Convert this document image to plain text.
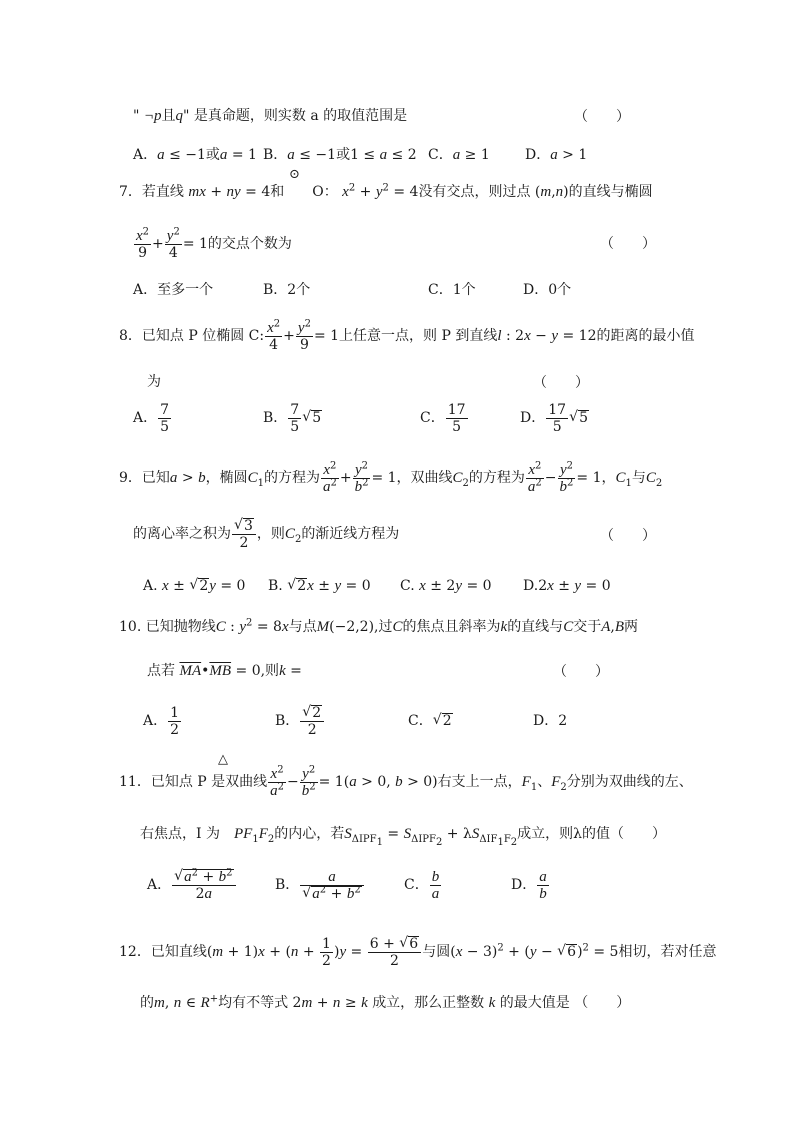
" ¬p且q" 是真命题，则实数 a 的取值范围是	（　　）
A．a ≤ −1或a = 1 B．a ≤ −1或1 ≤ a ≤ 2 C．a ≥ 1	D．a > 1
⊙
7．若直线 mx + ny = 4和　　 O： $x^2 + y^2 = 4$没有交点，则过点 (m,n)的直线与椭圆
$\frac{x^2}{9} + \frac{y^2}{4} = 1$的交点个数为	（　　）
A．至多一个	B．2个	C．1个	D．0个
8．已知点 P 位椭圆 C: $\frac{x^2}{4} + \frac{y^2}{9} = 1$上任意一点，则 P 到直线l : 2x − y = 12的距离的最小值
为	（　　）
A． $\frac{7}{5}$	B． $\frac{7}{5}$ √ 5	C． $\frac{17}{5}$	D． $\frac{17}{5}$ √ 5
9．已知a > b，椭圆$C_1$的方程为 $\frac{x^2}{a^2} + \frac{y^2}{b^2} = 1$，双曲线$C_2$的方程为 $\frac{x^2}{a^2} - \frac{y^2}{b^2} = 1$，$C_1$与$C_2$
的离心率之积为 √ $\frac{3}{2}$ ，则$C_2$的渐近线方程为	（　　）
A. x ± √ 2y = 0 B. √ 2x ± y = 0 C. x ± 2y = 0 D.2x ± y = 0
10. 已知抛物线C : $y^2 = 8x$与点M(−2,2),过C的焦点且斜率为k的直线与C交于A,B两
点若 $\overline{MA}•\overline{MB} = 0$,则k =	（　　）
A． $\frac{1}{2}$	B． √ $\frac{2}{2}$	C． √ 2	D．2
△
11．已知点 P 是双曲线 $\frac{x^2}{a^2} - \frac{y^2}{b^2} = 1(a > 0$, b > 0)右支上一点，$F_1$、$F_2$分别为双曲线的左、
右焦点，I 为　 $PF_1F_2$的内心，若$S_{\Delta IPF_1} = S_{\Delta IPF_2} + \lambda S_{\Delta IF_1F_2}$成立，则λ的值（　　）
A． √ $\frac{a^2 + b^2}{2a}$	B． a
√ $a^2 + b^2$	C． $\frac{b}{a}$	D． $\frac{a}{b}$
12．已知直线$(m + 1)x + (n + \frac{1}{2} )y = \frac{6 + √ 6}{2}$ 与圆$(x - 3)^2 + (y$ − √ 6)$^2$ = 5相切，若对任意
的m, n ∈ R+均有不等式 2m + n ≥ k 成立，那么正整数 k 的最大值是 （　　）
